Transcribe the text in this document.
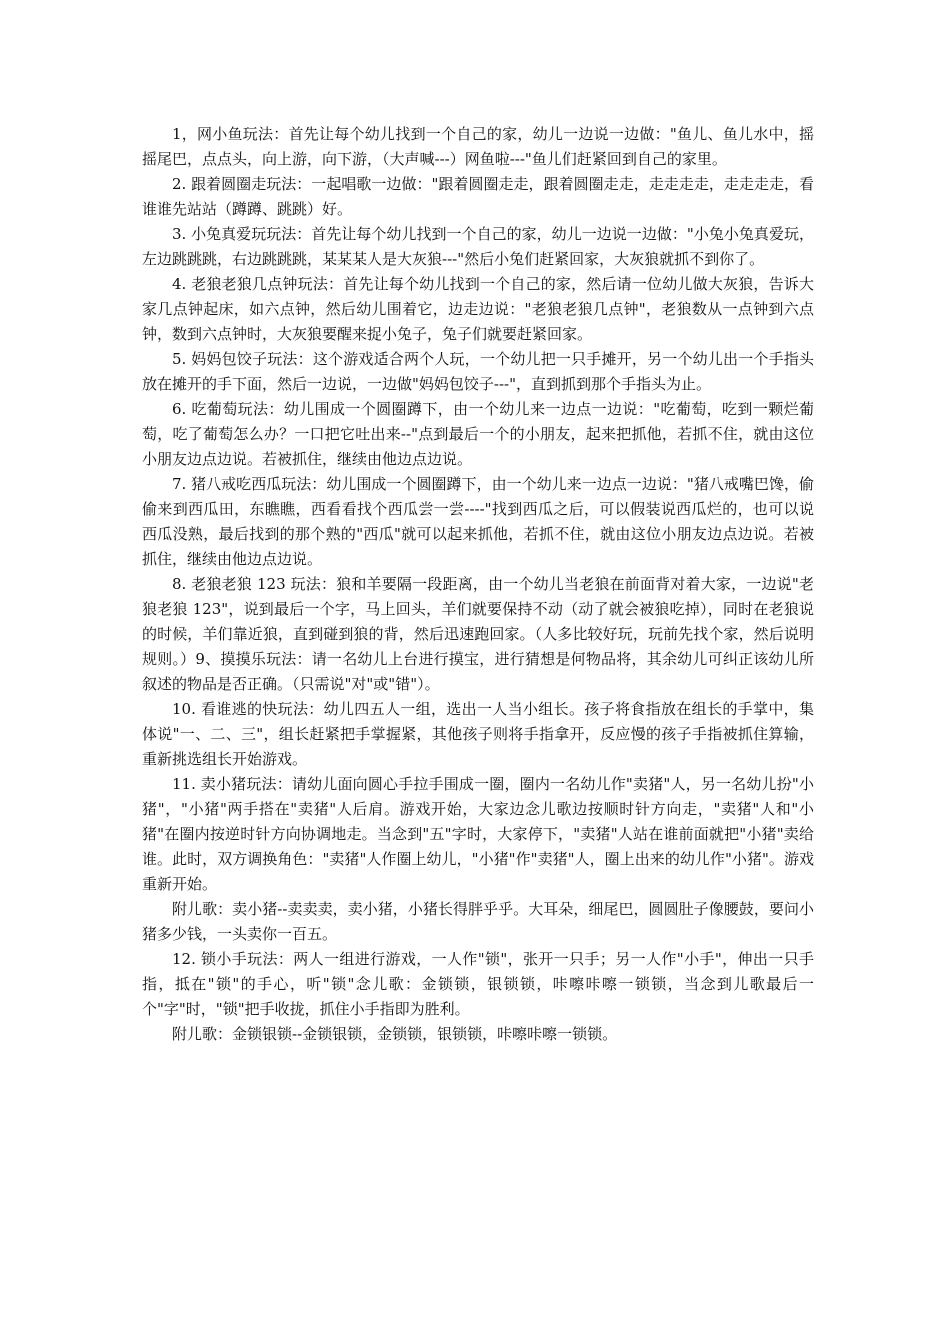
1，网小鱼玩法：首先让每个幼儿找到一个自己的家，幼儿一边说一边做："鱼儿、鱼儿水中，摇摇尾巴，点点头，向上游，向下游，（大声喊---）网鱼啦---"鱼儿们赶紧回到自己的家里。

2. 跟着圆圈走玩法：一起唱歌一边做："跟着圆圈走走，跟着圆圈走走，走走走走，走走走走，看谁谁先站站（蹲蹲、跳跳）好。

3. 小兔真爱玩玩法：首先让每个幼儿找到一个自己的家，幼儿一边说一边做："小兔小兔真爱玩，左边跳跳跳，右边跳跳跳，某某某人是大灰狼---"然后小兔们赶紧回家，大灰狼就抓不到你了。

4. 老狼老狼几点钟玩法：首先让每个幼儿找到一个自己的家，然后请一位幼儿做大灰狼，告诉大家几点钟起床，如六点钟，然后幼儿围着它，边走边说："老狼老狼几点钟"，老狼数从一点钟到六点钟，数到六点钟时，大灰狼要醒来捉小兔子，兔子们就要赶紧回家。

5. 妈妈包饺子玩法：这个游戏适合两个人玩，一个幼儿把一只手摊开，另一个幼儿出一个手指头放在摊开的手下面，然后一边说，一边做"妈妈包饺子---"，直到抓到那个手指头为止。

6. 吃葡萄玩法：幼儿围成一个圆圈蹲下，由一个幼儿来一边点一边说："吃葡萄，吃到一颗烂葡萄，吃了葡萄怎么办？一口把它吐出来--"点到最后一个的小朋友，起来把抓他，若抓不住，就由这位小朋友边点边说。若被抓住，继续由他边点边说。

7. 猪八戒吃西瓜玩法：幼儿围成一个圆圈蹲下，由一个幼儿来一边点一边说："猪八戒嘴巴馋，偷偷来到西瓜田，东瞧瞧，西看看找个西瓜尝一尝----"找到西瓜之后，可以假装说西瓜烂的，也可以说西瓜没熟，最后找到的那个熟的"西瓜"就可以起来抓他，若抓不住，就由这位小朋友边点边说。若被抓住，继续由他边点边说。

8. 老狼老狼 123 玩法：狼和羊要隔一段距离，由一个幼儿当老狼在前面背对着大家，一边说"老狼老狼 123"，说到最后一个字，马上回头，羊们就要保持不动（动了就会被狼吃掉），同时在老狼说的时候，羊们靠近狼，直到碰到狼的背，然后迅速跑回家。（人多比较好玩，玩前先找个家，然后说明规则。）9、摸摸乐玩法：请一名幼儿上台进行摸宝，进行猜想是何物品将，其余幼儿可纠正该幼儿所叙述的物品是否正确。（只需说"对"或"错"）。

10. 看谁逃的快玩法：幼儿四五人一组，选出一人当小组长。孩子将食指放在组长的手掌中，集体说"一、二、三"，组长赶紧把手掌握紧，其他孩子则将手指拿开，反应慢的孩子手指被抓住算输，重新挑选组长开始游戏。

11. 卖小猪玩法：请幼儿面向圆心手拉手围成一圈，圈内一名幼儿作"卖猪"人，另一名幼儿扮"小猪"，"小猪"两手搭在"卖猪"人后肩。游戏开始，大家边念儿歌边按顺时针方向走，"卖猪"人和"小猪"在圈内按逆时针方向协调地走。当念到"五"字时，大家停下，"卖猪"人站在谁前面就把"小猪"卖给谁。此时，双方调换角色："卖猪"人作圈上幼儿，"小猪"作"卖猪"人，圈上出来的幼儿作"小猪"。游戏重新开始。

附儿歌：卖小猪--卖卖卖，卖小猪，小猪长得胖乎乎。大耳朵，细尾巴，圆圆肚子像腰鼓，要问小猪多少钱，一头卖你一百五。

12. 锁小手玩法：两人一组进行游戏，一人作"锁"，张开一只手；另一人作"小手"，伸出一只手指，抵在"锁"的手心，听"锁"念儿歌：金锁锁，银锁锁，咔嚓咔嚓一锁锁，当念到儿歌最后一个"字"时，"锁"把手收拢，抓住小手指即为胜利。

附儿歌：金锁银锁--金锁银锁，金锁锁，银锁锁，咔嚓咔嚓一锁锁。
